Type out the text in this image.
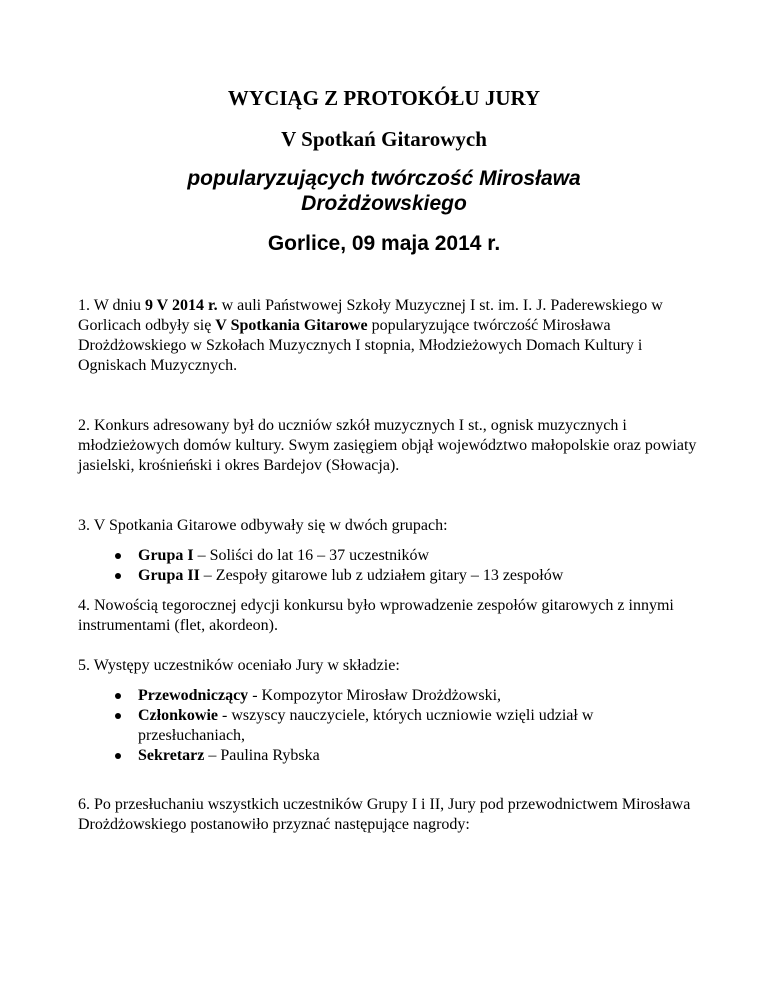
WYCIĄG Z PROTOKÓŁU JURY
V Spotkań Gitarowych
popularyzujących twórczość Mirosława
Drożdżowskiego
Gorlice, 09 maja 2014 r.

1. W dniu 9 V 2014 r. w auli Państwowej Szkoły Muzycznej I st. im. I. J. Paderewskiego w Gorlicach odbyły się V Spotkania Gitarowe popularyzujące twórczość Mirosława Drożdżowskiego w Szkołach Muzycznych I stopnia, Młodzieżowych Domach Kultury i Ogniskach Muzycznych.

2. Konkurs adresowany był do uczniów szkół muzycznych I st., ognisk muzycznych i młodzieżowych domów kultury. Swym zasięgiem objął województwo małopolskie oraz powiaty jasielski, krośnieński i okres Bardejov (Słowacja).

3. V Spotkania Gitarowe odbywały się w dwóch grupach:

Grupa I – Soliści do lat 16 – 37 uczestników
Grupa II – Zespoły gitarowe lub z udziałem gitary – 13 zespołów

4. Nowością tegorocznej edycji konkursu było wprowadzenie zespołów gitarowych z innymi instrumentami (flet, akordeon).

5. Występy uczestników oceniało Jury w składzie:

Przewodniczący - Kompozytor Mirosław Drożdżowski,
Członkowie - wszyscy nauczyciele, których uczniowie wzięli udział w przesłuchaniach,
Sekretarz – Paulina Rybska

6. Po przesłuchaniu wszystkich uczestników Grupy I i II, Jury pod przewodnictwem Mirosława Drożdżowskiego postanowiło przyznać następujące nagrody:
